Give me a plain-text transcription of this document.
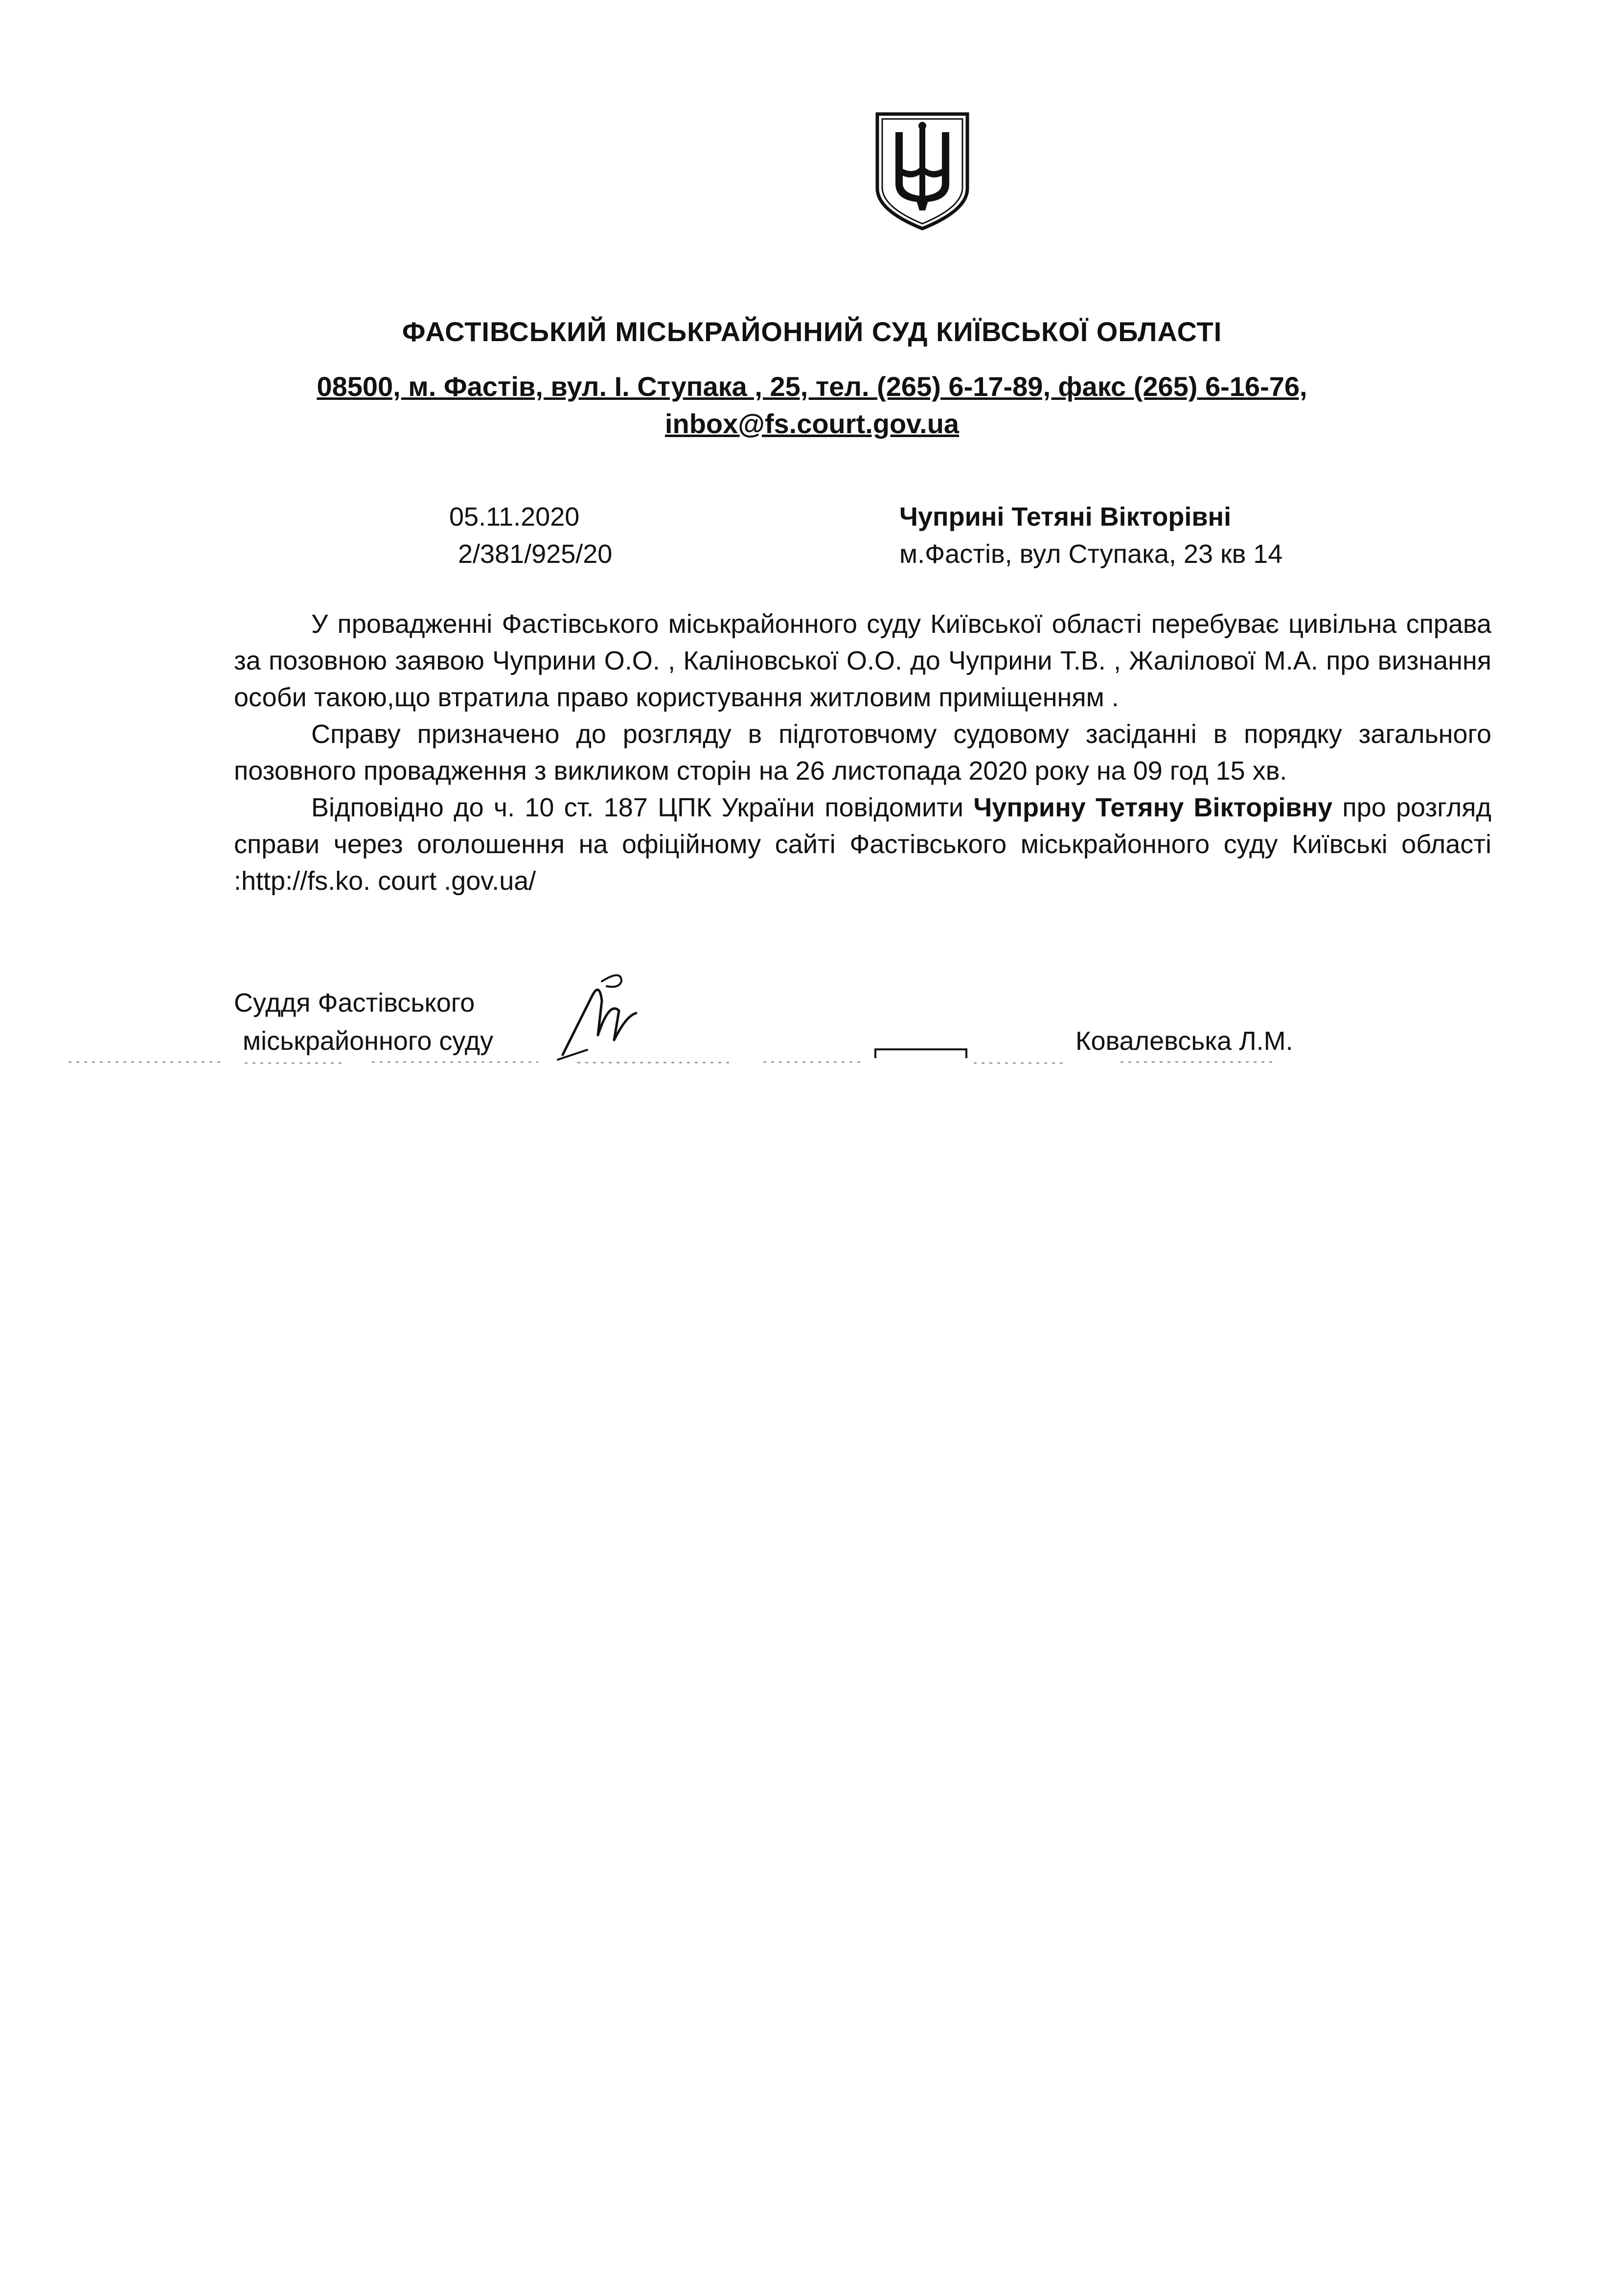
ФАСТІВСЬКИЙ МІСЬКРАЙОННИЙ СУД КИЇВСЬКОЇ ОБЛАСТІ
08500, м. Фастів, вул. І. Ступака , 25, тел. (265) 6-17-89, факс (265) 6-16-76,
inbox@fs.court.gov.ua
05.11.2020
2/381/925/20
Чуприні Тетяні Вікторівні
м.Фастів, вул Ступака, 23 кв 14

У провадженні Фастівського міськрайонного суду Київської області перебуває цивільна справа за позовною заявою Чуприни О.О. , Каліновської О.О. до Чуприни Т.В. , Жалілової М.А. про визнання особи такою,що втратила право користування житловим приміщенням .

Справу призначено до розгляду в підготовчому судовому засіданні в порядку загального позовного провадження з викликом сторін на 26 листопада 2020 року на 09 год 15 хв.

Відповідно до ч. 10 ст. 187 ЦПК України повідомити Чуприну Тетяну Вікторівну про розгляд справи через оголошення на офіційному сайті Фастівського міськрайонного суду Київські області :http://fs.ko. court .gov.ua/

Суддя Фастівського
міськрайонного суду	Ковалевська Л.М.
